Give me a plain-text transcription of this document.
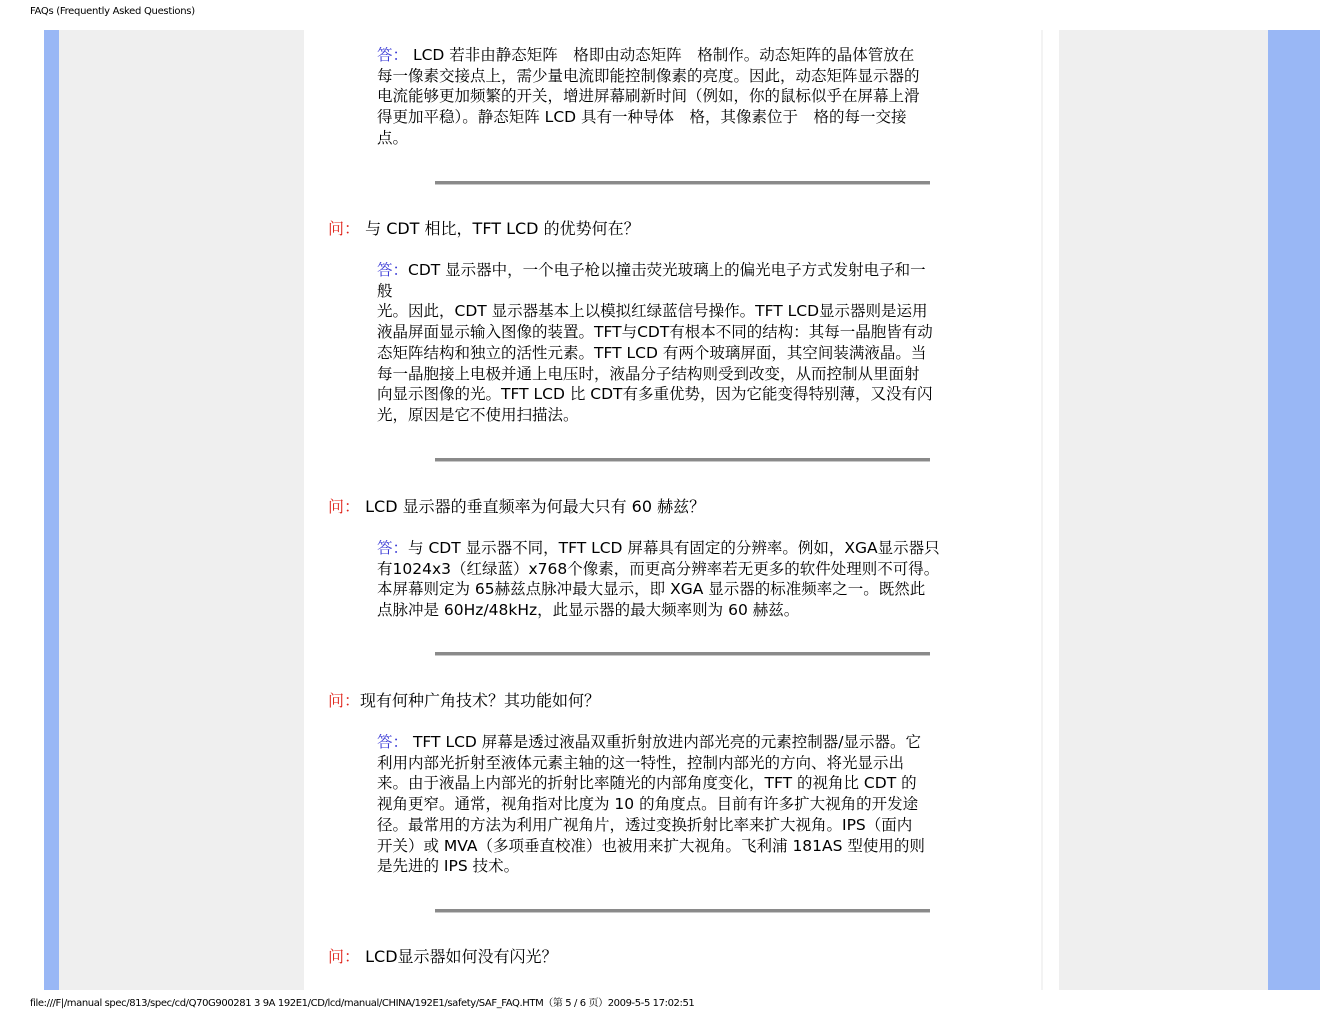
FAQs (Frequently Asked Questions)
答： LCD 若非由静态矩阵　格即由动态矩阵　格制作。动态矩阵的晶体管放在
每一像素交接点上，需少量电流即能控制像素的亮度。因此，动态矩阵显示器的
电流能够更加频繁的开关，增进屏幕刷新时间（例如，你的鼠标似乎在屏幕上滑
得更加平稳）。静态矩阵 LCD 具有一种导体　格，其像素位于　格的每一交接
点。
问： 与 CDT 相比，TFT LCD 的优势何在？
答：CDT 显示器中，一个电子枪以撞击荧光玻璃上的偏光电子方式发射电子和一
般
光。因此，CDT 显示器基本上以模拟红绿蓝信号操作。TFT LCD显示器则是运用
液晶屏面显示输入图像的装置。TFT与CDT有根本不同的结构：其每一晶胞皆有动
态矩阵结构和独立的活性元素。TFT LCD 有两个玻璃屏面，其空间装满液晶。当
每一晶胞接上电极并通上电压时，液晶分子结构则受到改变，从而控制从里面射
向显示图像的光。TFT LCD 比 CDT有多重优势，因为它能变得特别薄，又没有闪
光，原因是它不使用扫描法。
问： LCD 显示器的垂直频率为何最大只有 60 赫兹？
答：与 CDT 显示器不同，TFT LCD 屏幕具有固定的分辨率。例如，XGA显示器只
有1024x3（红绿蓝）x768个像素，而更高分辨率若无更多的软件处理则不可得。
本屏幕则定为 65赫兹点脉冲最大显示，即 XGA 显示器的标准频率之一。既然此
点脉冲是 60Hz/48kHz，此显示器的最大频率则为 60 赫兹。
问：现有何种广角技术？其功能如何？
答： TFT LCD 屏幕是透过液晶双重折射放进内部光亮的元素控制器/显示器。它
利用内部光折射至液体元素主轴的这一特性，控制内部光的方向、将光显示出
来。由于液晶上内部光的折射比率随光的内部角度变化，TFT 的视角比 CDT 的
视角更窄。通常，视角指对比度为 10 的角度点。目前有许多扩大视角的开发途
径。最常用的方法为利用广视角片，透过变换折射比率来扩大视角。IPS（面内
开关）或 MVA（多项垂直校准）也被用来扩大视角。飞利浦 181AS 型使用的则
是先进的 IPS 技术。
问： LCD显示器如何没有闪光？
file:///F|/manual spec/813/spec/cd/Q70G900281 3 9A 192E1/CD/lcd/manual/CHINA/192E1/safety/SAF_FAQ.HTM（第 5 / 6 页）2009-5-5 17:02:51
